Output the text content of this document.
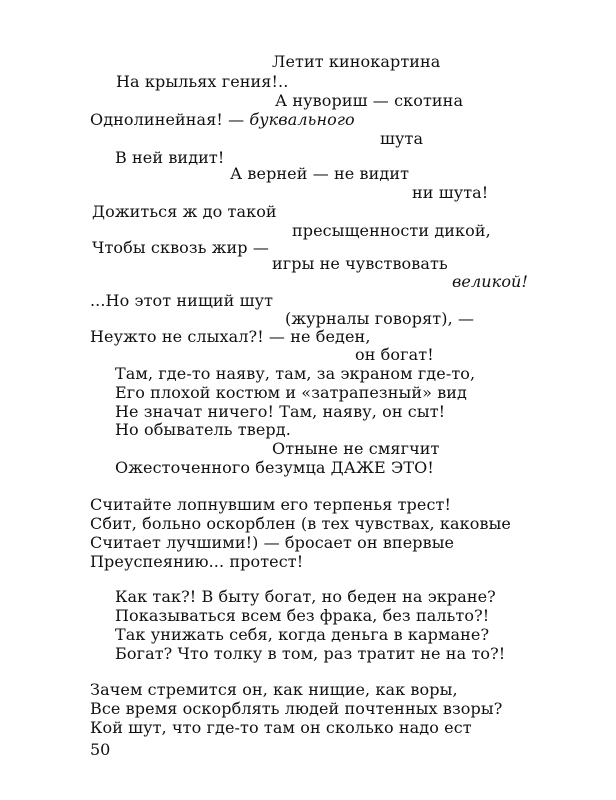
Летит кинокартина
На крыльях гения!..
А нувориш — скотина
Однолинейная! — буквального
шута
В ней видит!
А верней — не видит
ни шута!
Дожиться ж до такой
пресыщенности дикой,
Чтобы сквозь жир —
игры не чувствовать
великой!
...Но этот нищий шут
(журналы говорят), —
Неужто не слыхал?! — не беден,
он богат!
Там, где-то наяву, там, за экраном где-то,
Его плохой костюм и «затрапезный» вид
Не значат ничего! Там, наяву, он сыт!
Но обыватель тверд.
Отныне не смягчит
Ожесточенного безумца ДАЖЕ ЭТО!
Считайте лопнувшим его терпенья трест!
Сбит, больно оскорблен (в тех чувствах, каковые
Считает лучшими!) — бросает он впервые
Преуспеянию... протест!
Как так?! В быту богат, но беден на экране?
Показываться всем без фрака, без пальто?!
Так унижать себя, когда деньга в кармане?
Богат? Что толку в том, раз тратит не на то?!
Зачем стремится он, как нищие, как воры,
Все время оскорблять людей почтенных взоры?
Кой шут, что где-то там он сколько надо ест
50
